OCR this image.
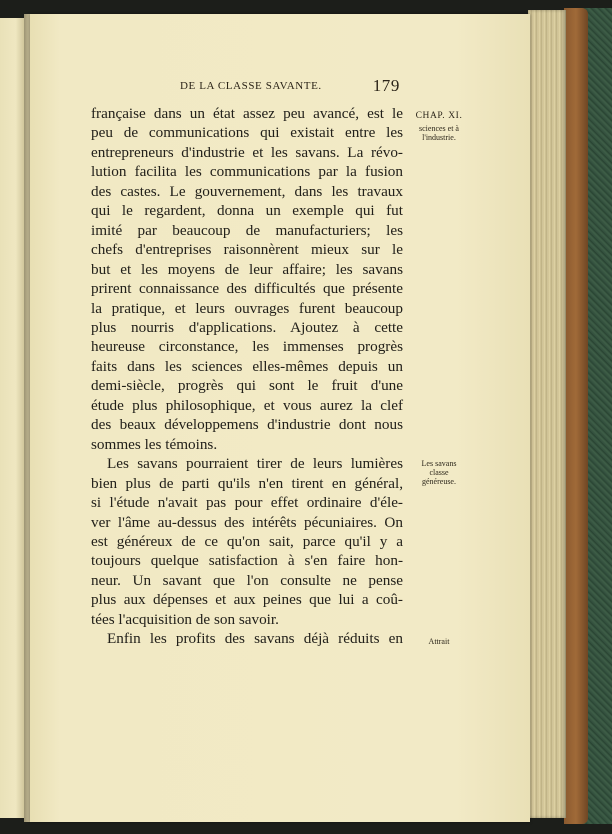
DE LA CLASSE SAVANTE.	179
française dans un état assez peu avancé, est le
peu de communications qui existait entre les
entrepreneurs d'industrie et les savans. La révo-
lution facilita les communications par la fusion
des castes. Le gouvernement, dans les travaux
qui le regardent, donna un exemple qui fut
imité par beaucoup de manufacturiers; les
chefs d'entreprises raisonnèrent mieux sur le
but et les moyens de leur affaire; les savans
prirent connaissance des difficultés que présente
la pratique, et leurs ouvrages furent beaucoup
plus nourris d'applications. Ajoutez à cette
heureuse circonstance, les immenses progrès
faits dans les sciences elles-mêmes depuis un
demi-siècle, progrès qui sont le fruit d'une
étude plus philosophique, et vous aurez la clef
des beaux développemens d'industrie dont nous
sommes les témoins.
Les savans pourraient tirer de leurs lumières
bien plus de parti qu'ils n'en tirent en général,
si l'étude n'avait pas pour effet ordinaire d'éle-
ver l'âme au-dessus des intérêts pécuniaires. On
est généreux de ce qu'on sait, parce qu'il y a
toujours quelque satisfaction à s'en faire hon-
neur. Un savant que l'on consulte ne pense
plus aux dépenses et aux peines que lui a coû-
tées l'acquisition de son savoir.
Enfin les profits des savans déjà réduits en
CHAP. XI.
sciences et à
l'industrie.
Les savans
classe
généreuse.
Attrait
